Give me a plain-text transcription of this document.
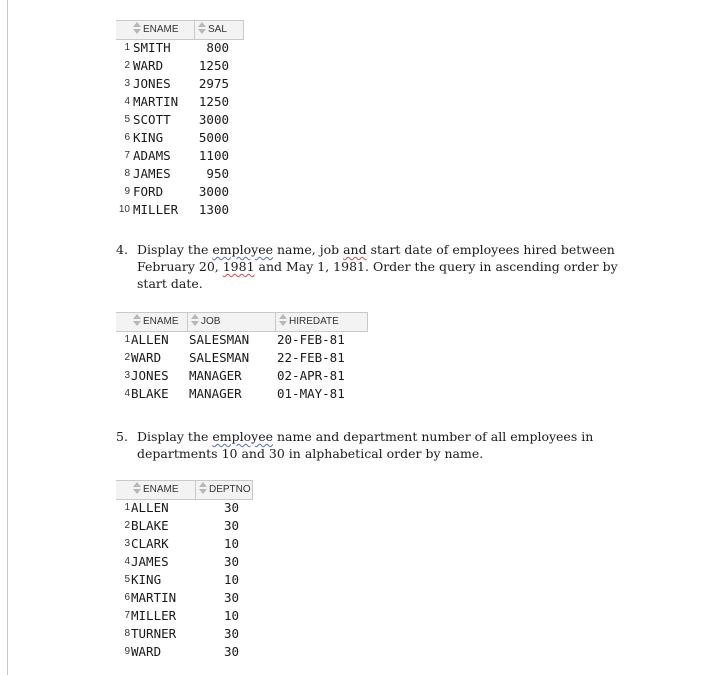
ENAME	SAL
1 SMITH	800
2 WARD	1250
3 JONES	2975
4 MARTIN	1250
5 SCOTT	3000
6 KING	5000
7 ADAMS	1100
8 JAMES	950
9 FORD	3000
10 MILLER	1300
4. Display the employee name, job and start date of employees hired between February 20, 1981 and May 1, 1981. Order the query in ascending order by start date.
ENAME	JOB	HIREDATE
1 ALLEN SALESMAN 20-FEB-81
2 WARD SALESMAN 22-FEB-81
3 JONES MANAGER	02-APR-81
4 BLAKE MANAGER	01-MAY-81
5. Display the employee name and department number of all employees in departments 10 and 30 in alphabetical order by name.
ENAME	DEPTNO
1 ALLEN	30
2 BLAKE	30
3 CLARK	10
4 JAMES	30
5 KING	10
6 MARTIN	30
7 MILLER	10
8 TURNER	30
9 WARD	30
